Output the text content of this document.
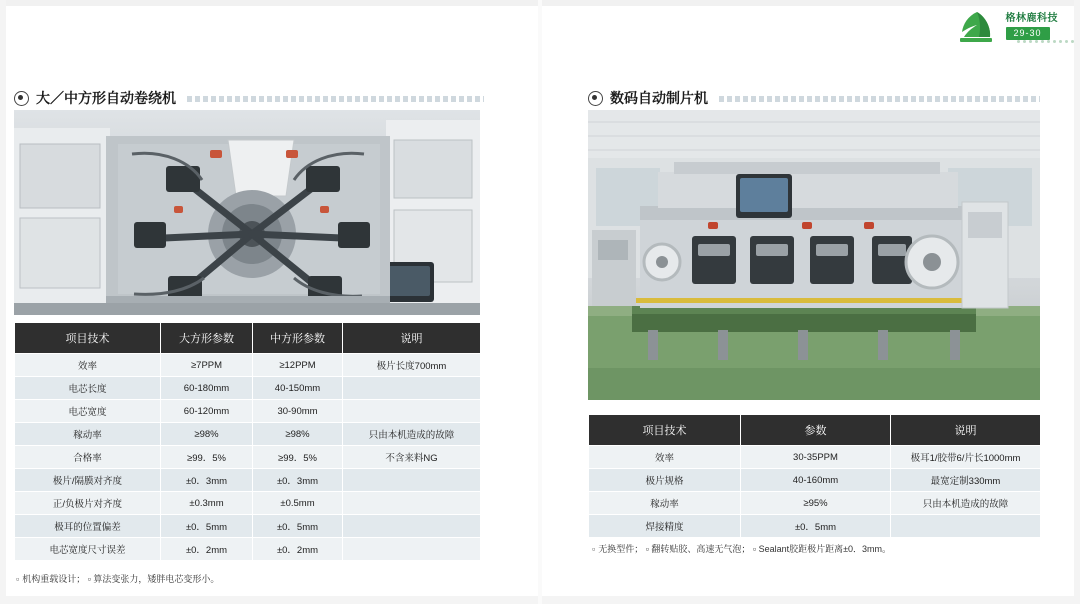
格林鹿科技
29-30
大／中方形自动卷绕机
项目技术	大方形参数	中方形参数	说明
效率	≥7PPM	≥12PPM	极片长度700mm
电芯长度	60-180mm	40-150mm	
电芯宽度	60-120mm	30-90mm	
稼动率	≥98%	≥98%	只由本机造成的故障
合格率	≥99．5%	≥99．5%	不含来料NG
极片/隔膜对齐度	±0．3mm	±0．3mm	
正/负极片对齐度	±0.3mm	±0.5mm	
极耳的位置偏差	±0．5mm	±0．5mm	
电芯宽度尺寸误差	±0．2mm	±0．2mm	
▫ 机构重载设计； ▫ 算法变张力，矮胖电芯变形小。
数码自动制片机
项目技术	参数	说明
效率	30-35PPM	极耳1/胶带6/片长1000mm
极片规格	40-160mm	最宽定制330mm
稼动率	≥95%	只由本机造成的故障
焊接精度	±0．5mm	
▫ 无换型件； ▫ 翻转贴胶、高速无气泡； ▫ Sealant胶距极片距离±0．3mm。
